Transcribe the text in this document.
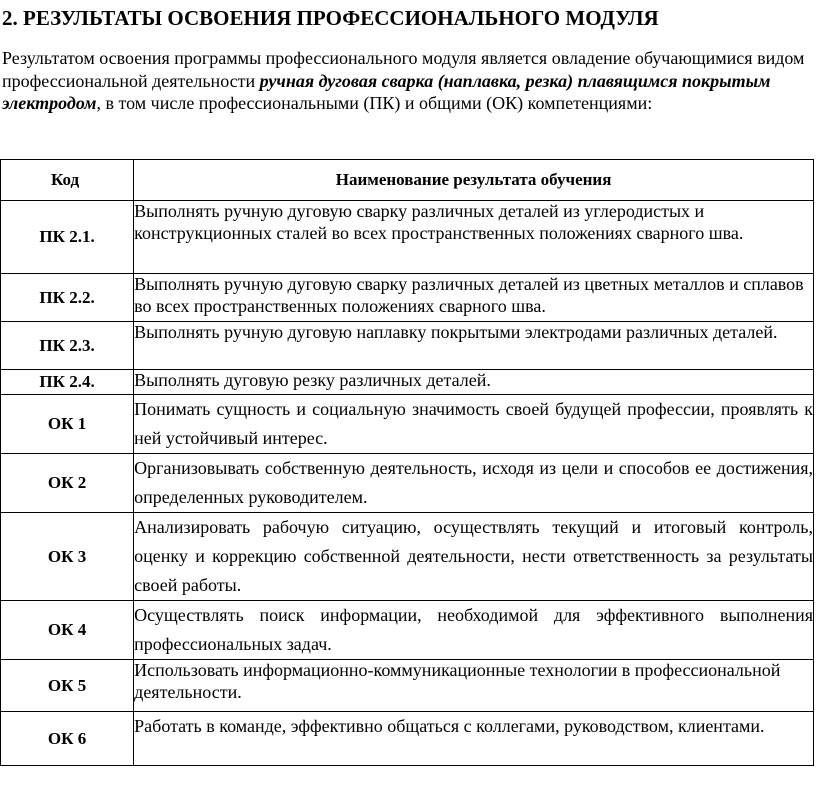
2. РЕЗУЛЬТАТЫ ОСВОЕНИЯ ПРОФЕССИОНАЛЬНОГО МОДУЛЯ

Результатом освоения программы профессионального модуля является овладение обучающимися видом профессиональной деятельности ручная дуговая сварка (наплавка, резка) плавящимся покрытым электродом, в том числе профессиональными (ПК) и общими (ОК) компетенциями:

Код	Наименование результата обучения
ПК 2.1.	Выполнять ручную дуговую сварку различных деталей из углеродистых и конструкционных сталей во всех пространственных положениях сварного шва.
ПК 2.2.	Выполнять ручную дуговую сварку различных деталей из цветных металлов и сплавов во всех пространственных положениях сварного шва.
ПК 2.3.	Выполнять ручную дуговую наплавку покрытыми электродами различных деталей.
ПК 2.4.	Выполнять дуговую резку различных деталей.
ОК 1	Понимать сущность и социальную значимость своей будущей профессии, проявлять к ней устойчивый интерес.
ОК 2	Организовывать собственную деятельность, исходя из цели и способов ее достижения, определенных руководителем.
ОК 3	Анализировать рабочую ситуацию, осуществлять текущий и итоговый контроль, оценку и коррекцию собственной деятельности, нести ответственность за результаты своей работы.
ОК 4	Осуществлять поиск информации, необходимой для эффективного выполнения профессиональных задач.
ОК 5	Использовать информационно-коммуникационные технологии в профессиональной деятельности.
ОК 6	Работать в команде, эффективно общаться с коллегами, руководством, клиентами.
